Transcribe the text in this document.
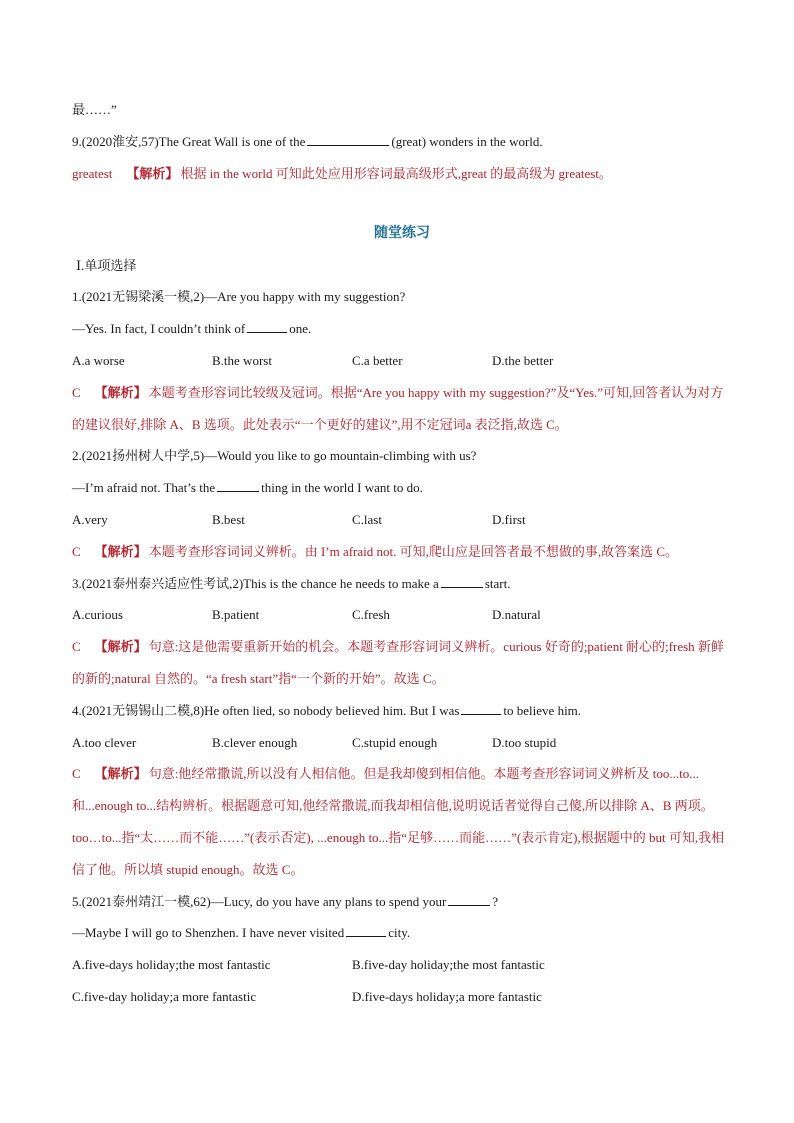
最……”
9.(2020淮安,57)The Great Wall is one of the	(great) wonders in the world.
greatest 【解析】 根据 in the world 可知此处应用形容词最高级形式,great 的最高级为 greatest。
随堂练习
Ⅰ.单项选择
1.(2021无锡梁溪一模,2)—Are you happy with my suggestion?
—Yes. In fact, I couldn’t think of	one.
A.a worse	B.the worst	C.a better	D.the better
C 【解析】 本题考查形容词比较级及冠词。根据“Are you happy with my suggestion?”及“Yes.”可知,回答者认为对方的建议很好,排除 A、B 选项。此处表示“一个更好的建议”,用不定冠词a 表泛指,故选 C。
2.(2021扬州树人中学,5)—Would you like to go mountain-climbing with us?
—I’m afraid not. That’s the	thing in the world I want to do.
A.very	B.best	C.last	D.first
C 【解析】 本题考查形容词词义辨析。由 I’m afraid not. 可知,爬山应是回答者最不想做的事,故答案选 C。
3.(2021泰州泰兴适应性考试,2)This is the chance he needs to make a	start.
A.curious	B.patient	C.fresh	D.natural
C 【解析】 句意:这是他需要重新开始的机会。本题考查形容词词义辨析。curious 好奇的;patient 耐心的;fresh 新鲜的新的;natural 自然的。“a fresh start”指“一个新的开始”。故选 C。
4.(2021无锡锡山二模,8)He often lied, so nobody believed him. But I was	to believe him.
A.too clever	B.clever enough	C.stupid enough	D.too stupid
C 【解析】 句意:他经常撒谎,所以没有人相信他。但是我却傻到相信他。本题考查形容词词义辨析及 too...to...和...enough to...结构辨析。根据题意可知,他经常撒谎,而我却相信他,说明说话者觉得自己傻,所以排除 A、B 两项。too…to...指“太……而不能……”(表示否定), ...enough to...指“足够……而能……”(表示肯定),根据题中的 but 可知,我相信了他。所以填 stupid enough。故选 C。
5.(2021泰州靖江一模,62)—Lucy, do you have any plans to spend your	?
—Maybe I will go to Shenzhen. I have never visited	city.
A.five-days holiday;the most fantastic	B.five-day holiday;the most fantastic
C.five-day holiday;a more fantastic	D.five-days holiday;a more fantastic
